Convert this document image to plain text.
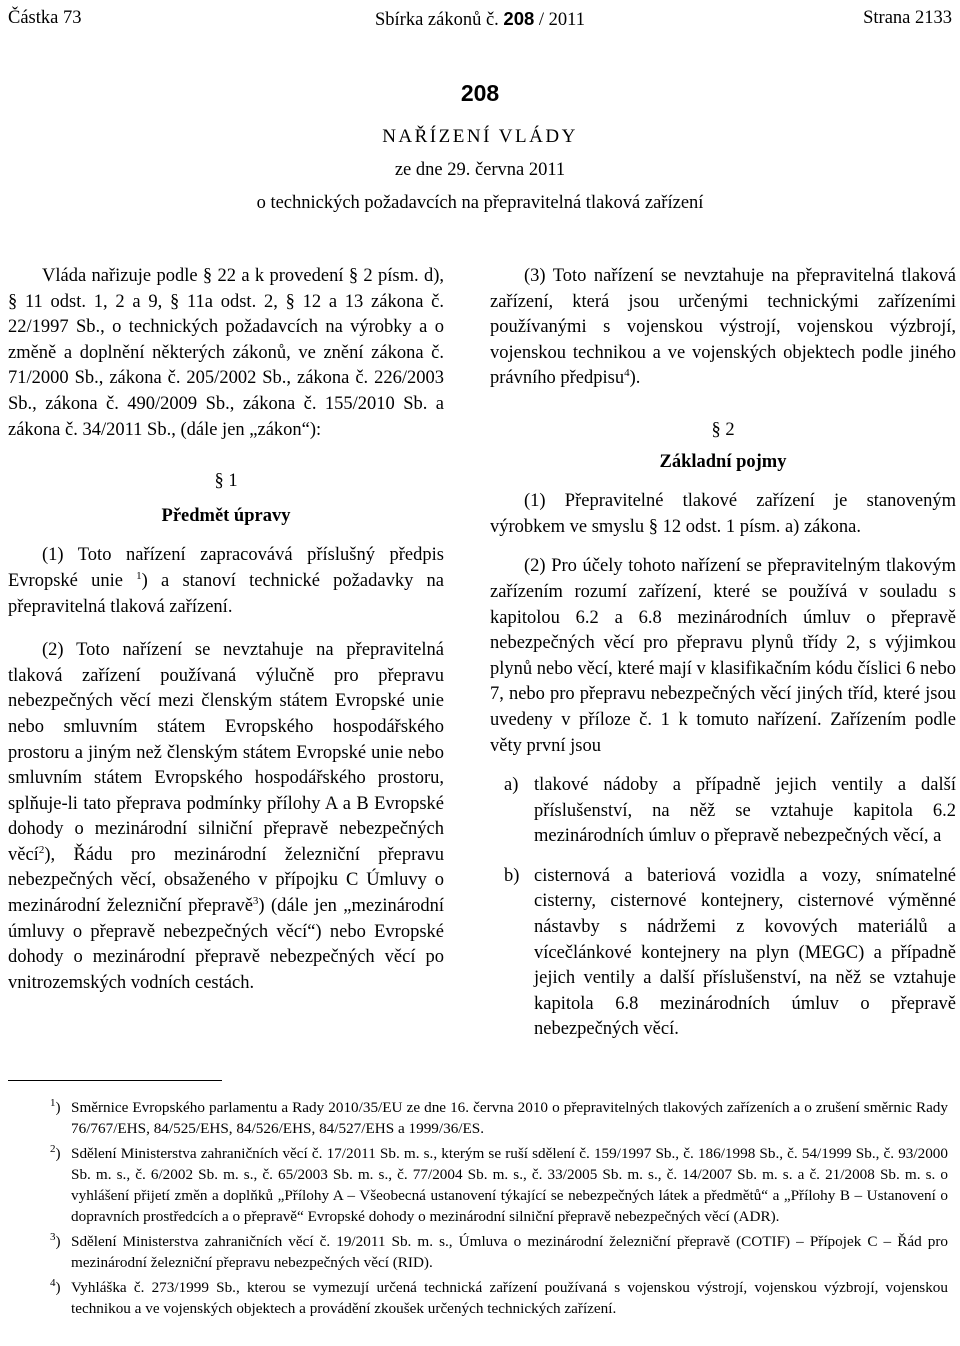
Částka 73	Sbírka zákonů č. 208 / 2011	Strana 2133
208
NAŘÍZENÍ VLÁDY
ze dne 29. června 2011
o technických požadavcích na přepravitelná tlaková zařízení

Vláda nařizuje podle § 22 a k provedení § 2 písm. d), § 11 odst. 1, 2 a 9, § 11a odst. 2, § 12 a 13 zákona č. 22/1997 Sb., o technických požadavcích na výrobky a o změně a doplnění některých zákonů, ve znění zákona č. 71/2000 Sb., zákona č. 205/2002 Sb., zákona č. 226/2003 Sb., zákona č. 490/2009 Sb., zákona č. 155/2010 Sb. a zákona č. 34/2011 Sb., (dále jen „zákon“):

§ 1

Předmět úpravy

(1) Toto nařízení zapracovává příslušný předpis Evropské unie $^1$) a stanoví technické požadavky na přepravitelná tlaková zařízení.

(2) Toto nařízení se nevztahuje na přepravitelná tlaková zařízení používaná výlučně pro přepravu nebezpečných věcí mezi členským státem Evropské unie nebo smluvním státem Evropského hospodářského prostoru a jiným než členským státem Evropské unie nebo smluvním státem Evropského hospodářského prostoru, splňuje-li tato přeprava podmínky přílohy A a B Evropské dohody o mezinárodní silniční přepravě nebezpečných věcí$^2$), Řádu pro mezinárodní železniční přepravu nebezpečných věcí, obsaženého v přípojku C Úmluvy o mezinárodní železniční přepravě$^3$) (dále jen „mezinárodní úmluvy o přepravě nebezpečných věcí“) nebo Evropské dohody o mezinárodní přepravě nebezpečných věcí po vnitrozemských vodních cestách.

(3) Toto nařízení se nevztahuje na přepravitelná tlaková zařízení, která jsou určenými technickými zařízeními používanými s vojenskou výstrojí, vojenskou výzbrojí, vojenskou technikou a ve vojenských objektech podle jiného právního předpisu$^4$).

§ 2

Základní pojmy

(1) Přepravitelné tlakové zařízení je stanoveným výrobkem ve smyslu § 12 odst. 1 písm. a) zákona.

(2) Pro účely tohoto nařízení se přepravitelným tlakovým zařízením rozumí zařízení, které se používá v souladu s kapitolou 6.2 a 6.8 mezinárodních úmluv o přepravě nebezpečných věcí pro přepravu plynů třídy 2, s výjimkou plynů nebo věcí, které mají v klasifikačním kódu číslici 6 nebo 7, nebo pro přepravu nebezpečných věcí jiných tříd, které jsou uvedeny v příloze č. 1 k tomuto nařízení. Zařízením podle věty první jsou

a) tlakové nádoby a případně jejich ventily a další příslušenství, na něž se vztahuje kapitola 6.2 mezinárodních úmluv o přepravě nebezpečných věcí, a
b) cisternová a bateriová vozidla a vozy, snímatelné cisterny, cisternové kontejnery, cisternové výměnné nástavby s nádržemi z kovových materiálů a vícečlánkové kontejnery na plyn (MEGC) a případně jejich ventily a další příslušenství, na něž se vztahuje kapitola 6.8 mezinárodních úmluv o přepravě nebezpečných věcí.
$^1$) Směrnice Evropského parlamentu a Rady 2010/35/EU ze dne 16. června 2010 o přepravitelných tlakových zařízeních a o zrušení směrnic Rady 76/767/EHS, 84/525/EHS, 84/526/EHS, 84/527/EHS a 1999/36/ES.
$^2$) Sdělení Ministerstva zahraničních věcí č. 17/2011 Sb. m. s., kterým se ruší sdělení č. 159/1997 Sb., č. 186/1998 Sb., č. 54/1999 Sb., č. 93/2000 Sb. m. s., č. 6/2002 Sb. m. s., č. 65/2003 Sb. m. s., č. 77/2004 Sb. m. s., č. 33/2005 Sb. m. s., č. 14/2007 Sb. m. s. a č. 21/2008 Sb. m. s. o vyhlášení přijetí změn a doplňků „Přílohy A – Všeobecná ustanovení týkající se nebezpečných látek a předmětů“ a „Přílohy B – Ustanovení o dopravních prostředcích a o přepravě“ Evropské dohody o mezinárodní silniční přepravě nebezpečných věcí (ADR).
$^3$) Sdělení Ministerstva zahraničních věcí č. 19/2011 Sb. m. s., Úmluva o mezinárodní železniční přepravě (COTIF) – Přípojek C – Řád pro mezinárodní železniční přepravu nebezpečných věcí (RID).
$^4$) Vyhláška č. 273/1999 Sb., kterou se vymezují určená technická zařízení používaná s vojenskou výstrojí, vojenskou výzbrojí, vojenskou technikou a ve vojenských objektech a provádění zkoušek určených technických zařízení.
